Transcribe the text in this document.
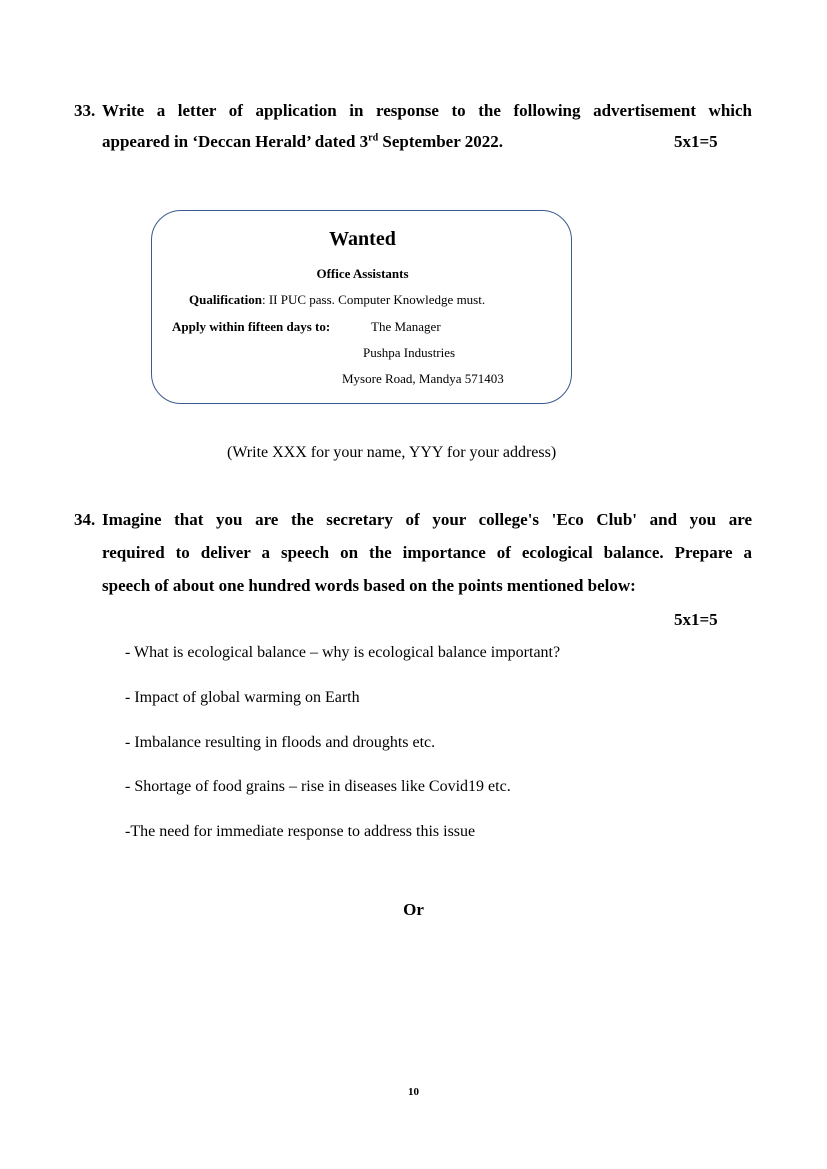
33. Write a letter of application in response to the following advertisement which
appeared in ‘Deccan Herald’ dated 3rd September 2022.	5x1=5
Wanted
Office Assistants
Qualification: II PUC pass. Computer Knowledge must.
Apply within fifteen days to:	The Manager
Pushpa Industries
Mysore Road, Mandya 571403
(Write XXX for your name, YYY for your address)
34. Imagine that you are the secretary of your college's 'Eco Club' and you are
required to deliver a speech on the importance of ecological balance. Prepare a
speech of about one hundred words based on the points mentioned below:
5x1=5
- What is ecological balance – why is ecological balance important?
- Impact of global warming on Earth
- Imbalance resulting in floods and droughts etc.
- Shortage of food grains – rise in diseases like Covid19 etc.
-The need for immediate response to address this issue
Or
10
